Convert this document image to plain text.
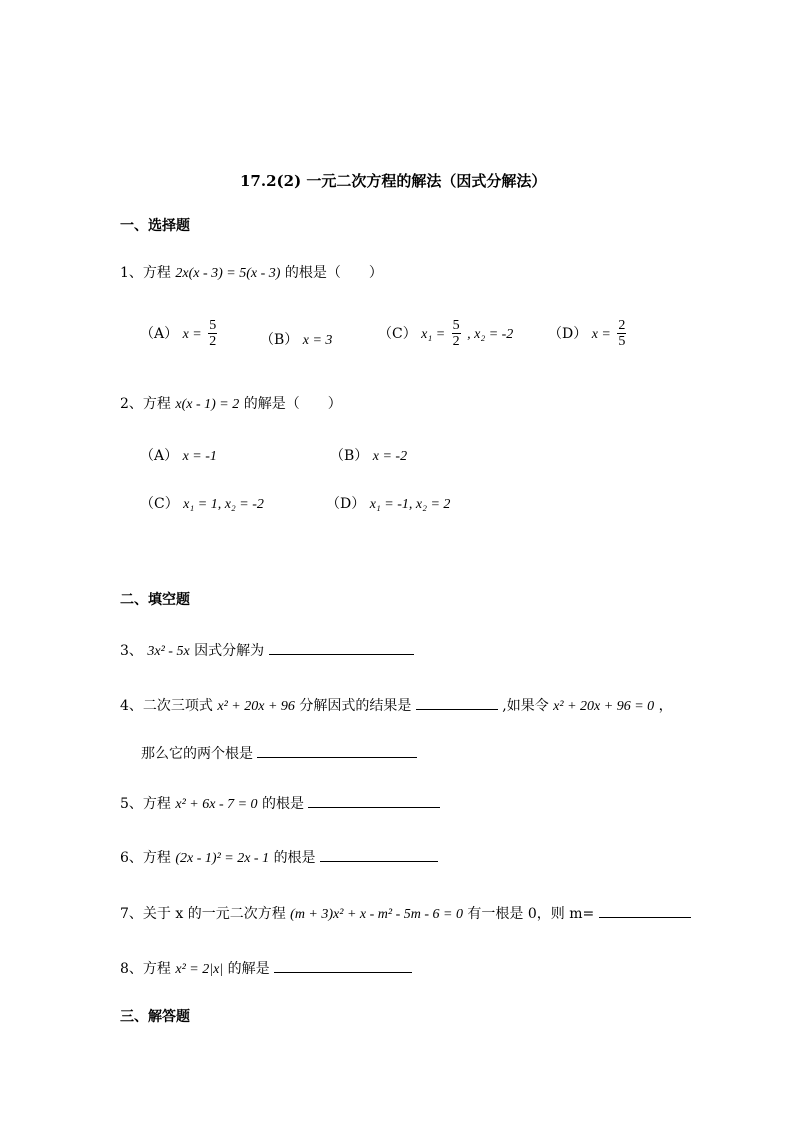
17.2(2) 一元二次方程的解法（因式分解法）
一、选择题
1、方程 2x(x - 3) = 5(x - 3) 的根是（　　）
（A） $x = \frac{5}{2}$	（B） x = 3	（C） $x_1 = \frac{5}{2}$ , x₂ = -2 （D） $x = \frac{2}{5}$
2、方程 x(x - 1) = 2 的解是（　　）
（A） x = -1	（B） x = -2
（C） x₁ = 1, x₂ = -2	（D） x₁ = -1, x₂ = 2
二、填空题
3、 3x² - 5x 因式分解为
4、二次三项式 x² + 20x + 96 分解因式的结果是	,如果令 x² + 20x + 96 = 0 ，
那么它的两个根是
5、方程 x² + 6x - 7 = 0 的根是
6、方程 (2x - 1)² = 2x - 1 的根是
7、关于 x 的一元二次方程 (m + 3)x² + x - m² - 5m - 6 = 0 有一根是 0，则 m=
8、方程 x² = 2|x| 的解是
三、解答题
